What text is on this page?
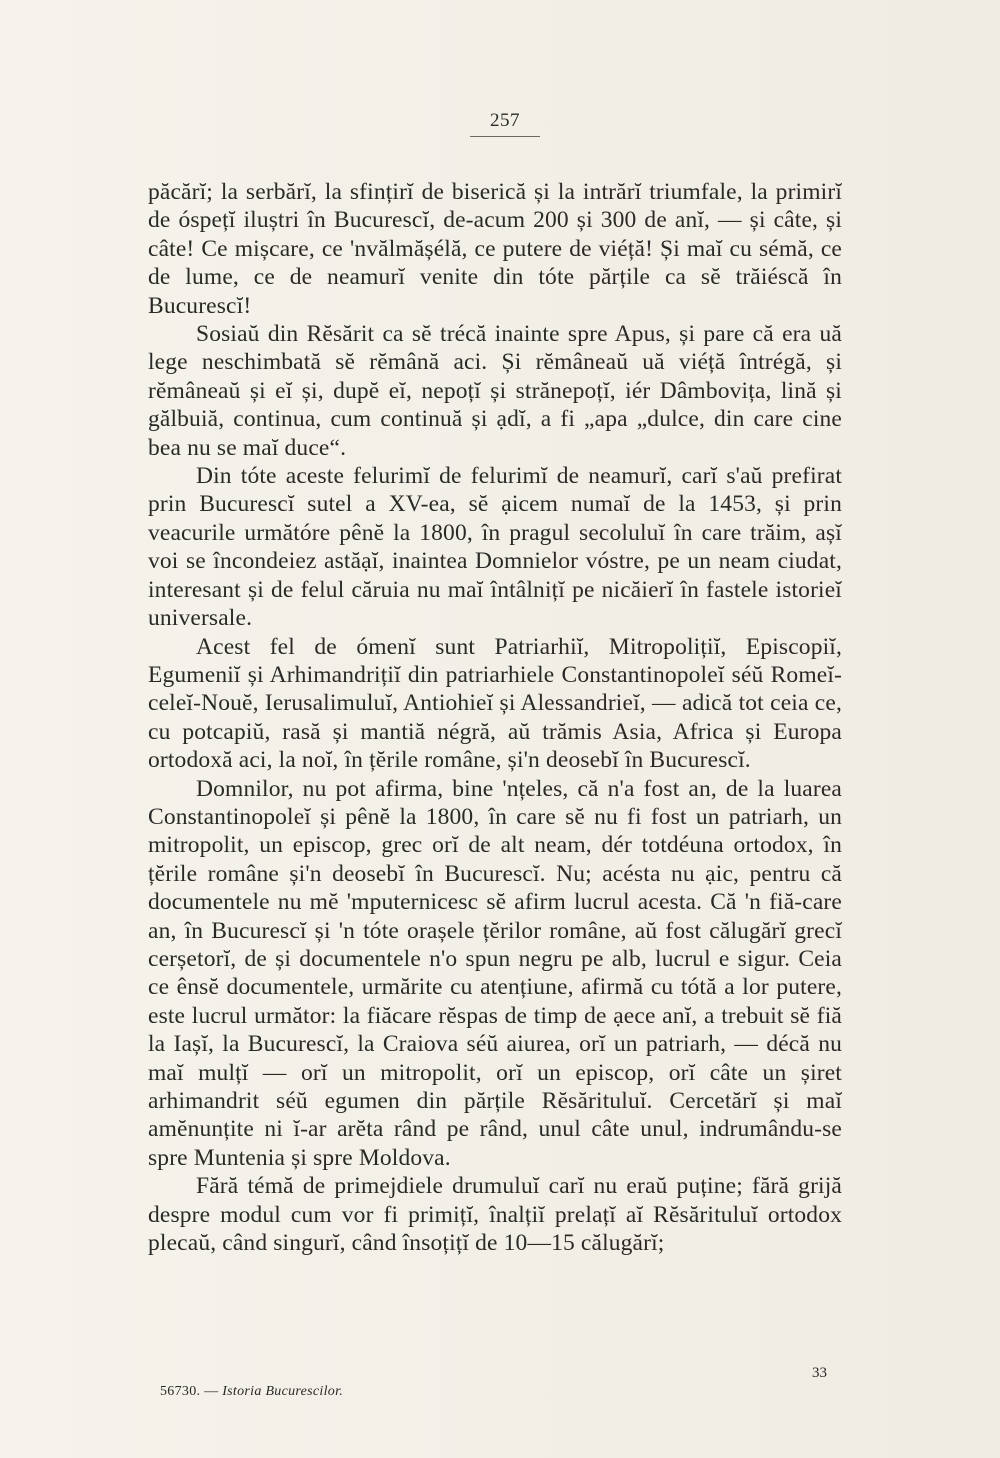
257

păcărĭ; la serbărĭ, la sfințirĭ de biserică și la intrărĭ triumfale, la primirĭ de óspețĭ iluștri în Bucurescĭ, de-acum 200 și 300 de anĭ, — și câte, și câte! Ce mișcare, ce 'nvălmășélă, ce putere de viéță! Și maĭ cu sémă, ce de lume, ce de neamurĭ venite din tóte părțile ca sĕ trăiéscă în Bucurescĭ!

Sosiaŭ din Rĕsărit ca sĕ tréсă inainte spre Apus, și pare că era uă lege neschimbată sĕ rĕmână aci. Și rĕmâneaŭ uă viéță întrégă, și rĕmâneaŭ și eĭ și, dupĕ eĭ, nepoțĭ și strănepoțĭ, iér Dâmbovița, lină și gălbuiă, continua, cum continuă și ạdĭ, a fi „apa „dulce, din care cine bea nu se maĭ duce“.

Din tóte aceste felurimĭ de felurimĭ de neamurĭ, carĭ s'aŭ prefirat prin Bucurescĭ sutel a XV-ea, sĕ ạicem numaĭ de la 1453, și prin veacurile următóre pênĕ la 1800, în pragul secoluluĭ în care trăim, așĭ voi se încondeiez astăạĭ, inaintea Domnielor vóstre, pe un neam ciudat, interesant și de felul căruia nu maĭ întâlnițĭ pe nicăierĭ în fastele istorieĭ universale.

Acest fel de ómenĭ sunt Patriarhiĭ, Mitropolițiĭ, Episcopiĭ, Egumeniĭ și Arhimandrițiĭ din patriarhiele Constantinopoleĭ séŭ Romeĭ-celeĭ-Nouĕ, Ierusalimuluĭ, Antiohieĭ și Alessandrieĭ, — adică tot ceia ce, cu potcapiŭ, rasă și mantiă négră, aŭ trămis Asia, Africa și Europa ortodoxă aci, la noĭ, în țĕrile române, și'n deosebĭ în Bucurescĭ.

Domnilor, nu pot afirma, bine 'nțeles, că n'a fost an, de la luarea Constantinopoleĭ și pênĕ la 1800, în care sĕ nu fi fost un patriarh, un mitropolit, un episcop, grec orĭ de alt neam, dér totdéuna ortodox, în țĕrile române și'n deosebĭ în Bucurescĭ. Nu; acésta nu ạic, pentru că documentele nu mĕ 'mputernicesc sĕ afirm lucrul acesta. Că 'n fiă-care an, în Bucurescĭ și 'n tóte orașele țĕrilor române, aŭ fost călugărĭ grecĭ cerșetorĭ, de și documentele n'o spun negru pe alb, lucrul e sigur. Ceia ce ênsĕ documentele, urmărite cu atențiune, afirmă cu tótă a lor putere, este lucrul următor: la fiăcare rĕspas de timp de ạece anĭ, a trebuit sĕ fiă la Iașĭ, la Bucurescĭ, la Craiova séŭ aiurea, orĭ un patriarh, — décă nu maĭ mulțĭ — orĭ un mitropolit, orĭ un episcop, orĭ câte un șiret arhimandrit séŭ egumen din părțile Rĕsărituluĭ. Cercetărĭ și maĭ amĕnunțite ni ĭ-ar arĕta rând pe rând, unul câte unul, indrumându-se spre Muntenia și spre Moldova.

Fără témă de primejdiele drumuluĭ carĭ nu eraŭ puține; fără grijă despre modul cum vor fi primițĭ, înalțiĭ prelațĭ aĭ Rĕsărituluĭ ortodox plecaŭ, când singurĭ, când însoțițĭ de 10—15 călugărĭ;

56730. — Istoria Bucurescilor.
33
